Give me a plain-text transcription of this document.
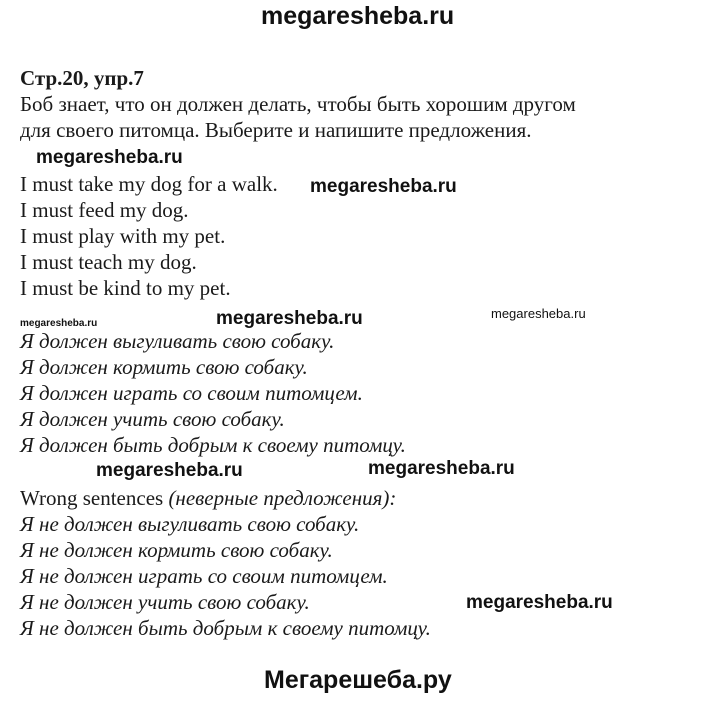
megaresheba.ru
Стр.20, упр.7
Боб знает, что он должен делать, чтобы быть хорошим другом
для своего питомца. Выберите и напишите предложения.
megaresheba.ru
I must take my dog for a walk. megaresheba.ru
I must feed my dog.
I must play with my pet.
I must teach my dog.
I must be kind to my pet.
megaresheba.ru	megaresheba.ru	megaresheba.ru
Я должен выгуливать свою собаку.
Я должен кормить свою собаку.
Я должен играть со своим питомцем.
Я должен учить свою собаку.
Я должен быть добрым к своему питомцу.
megaresheba.ru	megaresheba.ru
Wrong sentences (неверные предложения):
Я не должен выгуливать свою собаку.
Я не должен кормить свою собаку.
Я не должен играть со своим питомцем.
Я не должен учить свою собаку.	megaresheba.ru
Я не должен быть добрым к своему питомцу.
Мегарешеба.ру
